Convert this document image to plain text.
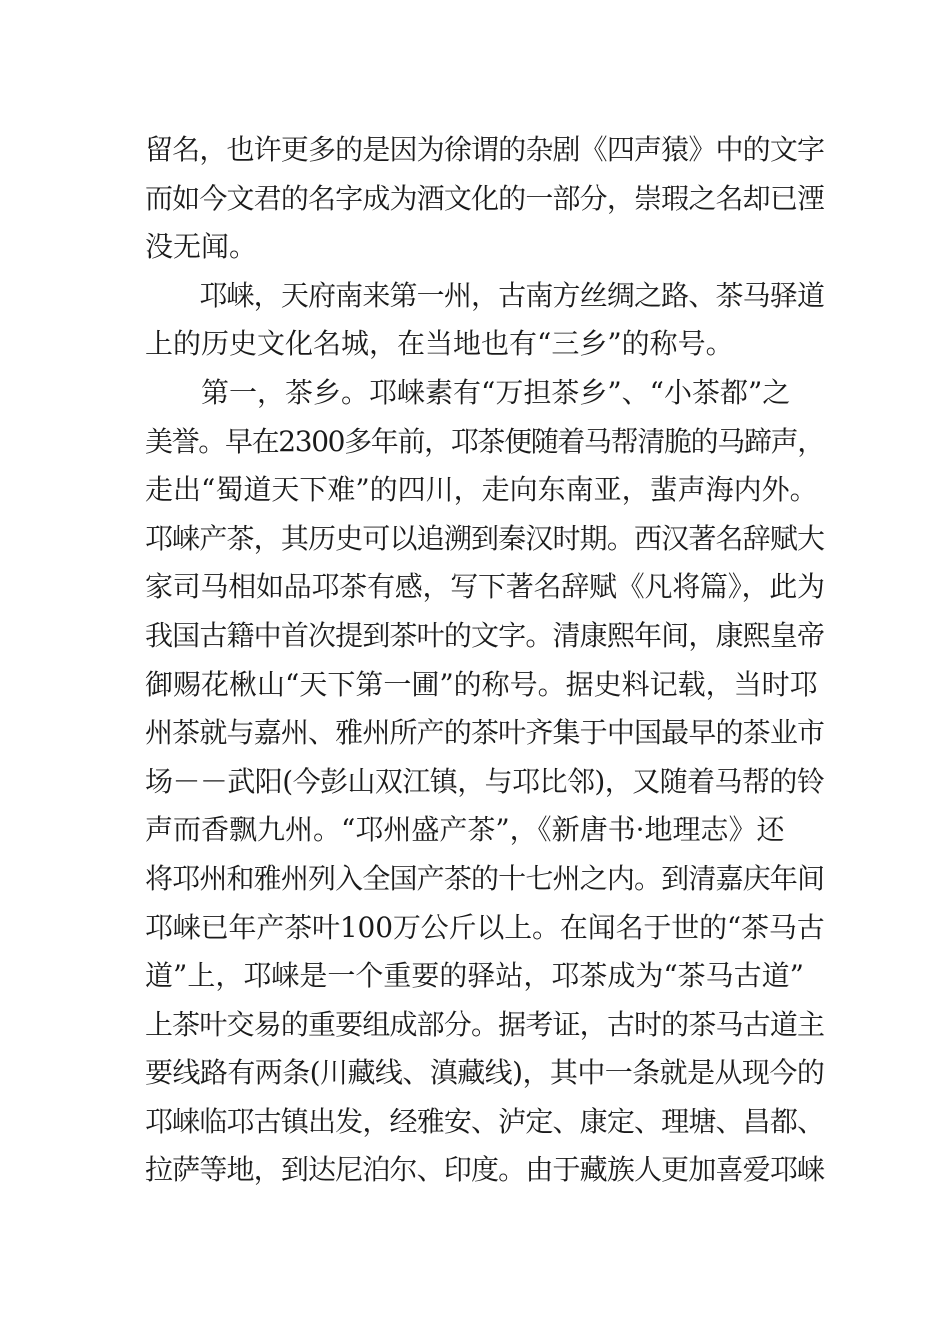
留名，也许更多的是因为徐谓的杂剧《四声猿》中的文字
而如今文君的名字成为酒文化的一部分，崇瑕之名却已湮
没无闻。
　　邛崃，天府南来第一州，古南方丝绸之路、茶马驿道
上的历史文化名城，在当地也有“三乡”的称号。
　　第一，茶乡。邛崃素有“万担茶乡”、“小茶都”之
美誉。早在2300多年前，邛茶便随着马帮清脆的马蹄声，
走出“蜀道天下难”的四川，走向东南亚，蜚声海内外。
邛崃产茶，其历史可以追溯到秦汉时期。西汉著名辞赋大
家司马相如品邛茶有感，写下著名辞赋《凡将篇》，此为
我国古籍中首次提到茶叶的文字。清康熙年间，康熙皇帝
御赐花楸山“天下第一圃”的称号。据史料记载，当时邛
州茶就与嘉州、雅州所产的茶叶齐集于中国最早的茶业市
场－－武阳(今彭山双江镇，与邛比邻)，又随着马帮的铃
声而香飘九州。“邛州盛产茶”，《新唐书·地理志》还
将邛州和雅州列入全国产茶的十七州之内。到清嘉庆年间
邛崃已年产茶叶100万公斤以上。在闻名于世的“茶马古
道”上，邛崃是一个重要的驿站，邛茶成为“茶马古道”
上茶叶交易的重要组成部分。据考证，古时的茶马古道主
要线路有两条(川藏线、滇藏线)，其中一条就是从现今的
邛崃临邛古镇出发，经雅安、泸定、康定、理塘、昌都、
拉萨等地，到达尼泊尔、印度。由于藏族人更加喜爱邛崃
